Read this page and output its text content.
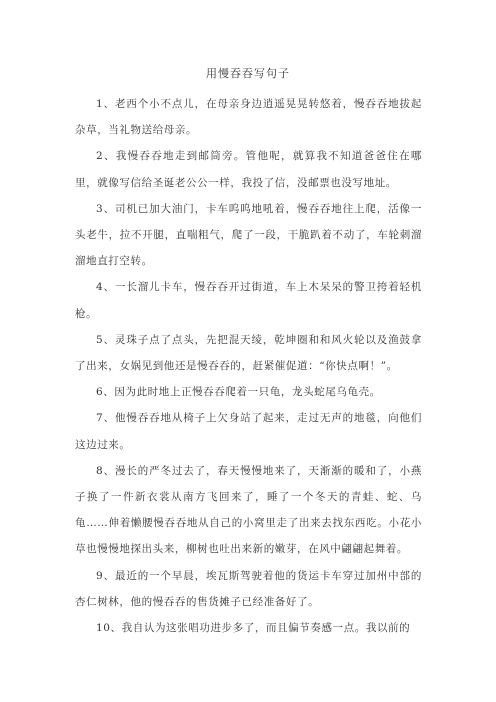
用慢吞吞写句子

1、老西个小不点儿，在母亲身边逍遥晃晃转悠着，慢吞吞地拔起杂草，当礼物送给母亲。

2、我慢吞吞地走到邮筒旁。管他呢，就算我不知道爸爸住在哪里，就像写信给圣诞老公公一样，我投了信，没邮票也没写地址。

3、司机已加大油门，卡车呜呜地吼着，慢吞吞地往上爬，活像一头老牛，拉不开腿，直喘粗气，爬了一段，干脆趴着不动了，车轮刺溜溜地直打空转。

4、一长溜儿卡车，慢吞吞开过街道，车上木呆呆的警卫挎着轻机枪。

5、灵珠子点了点头，先把混天绫，乾坤圈和和风火轮以及渔鼓拿了出来，女娲见到他还是慢吞吞的，赶紧催促道：“你快点啊！”。

6、因为此时地上正慢吞吞爬着一只龟，龙头蛇尾乌龟壳。

7、他慢吞吞地从椅子上欠身站了起来，走过无声的地毯，向他们这边过来。

8、漫长的严冬过去了，春天慢慢地来了，天渐渐的暖和了，小燕子换了一件新衣裳从南方飞回来了，睡了一个冬天的青蛙、蛇、乌龟……伸着懒腰慢吞吞地从自己的小窝里走了出来去找东西吃。小花小草也慢慢地探出头来，柳树也吐出来新的嫩芽，在风中翩翩起舞着。

9、最近的一个早晨，埃瓦斯驾驶着他的货运卡车穿过加州中部的杏仁树林，他的慢吞吞的售货摊子已经准备好了。

10、我自认为这张唱功进步多了，而且偏节奏感一点。我以前的
